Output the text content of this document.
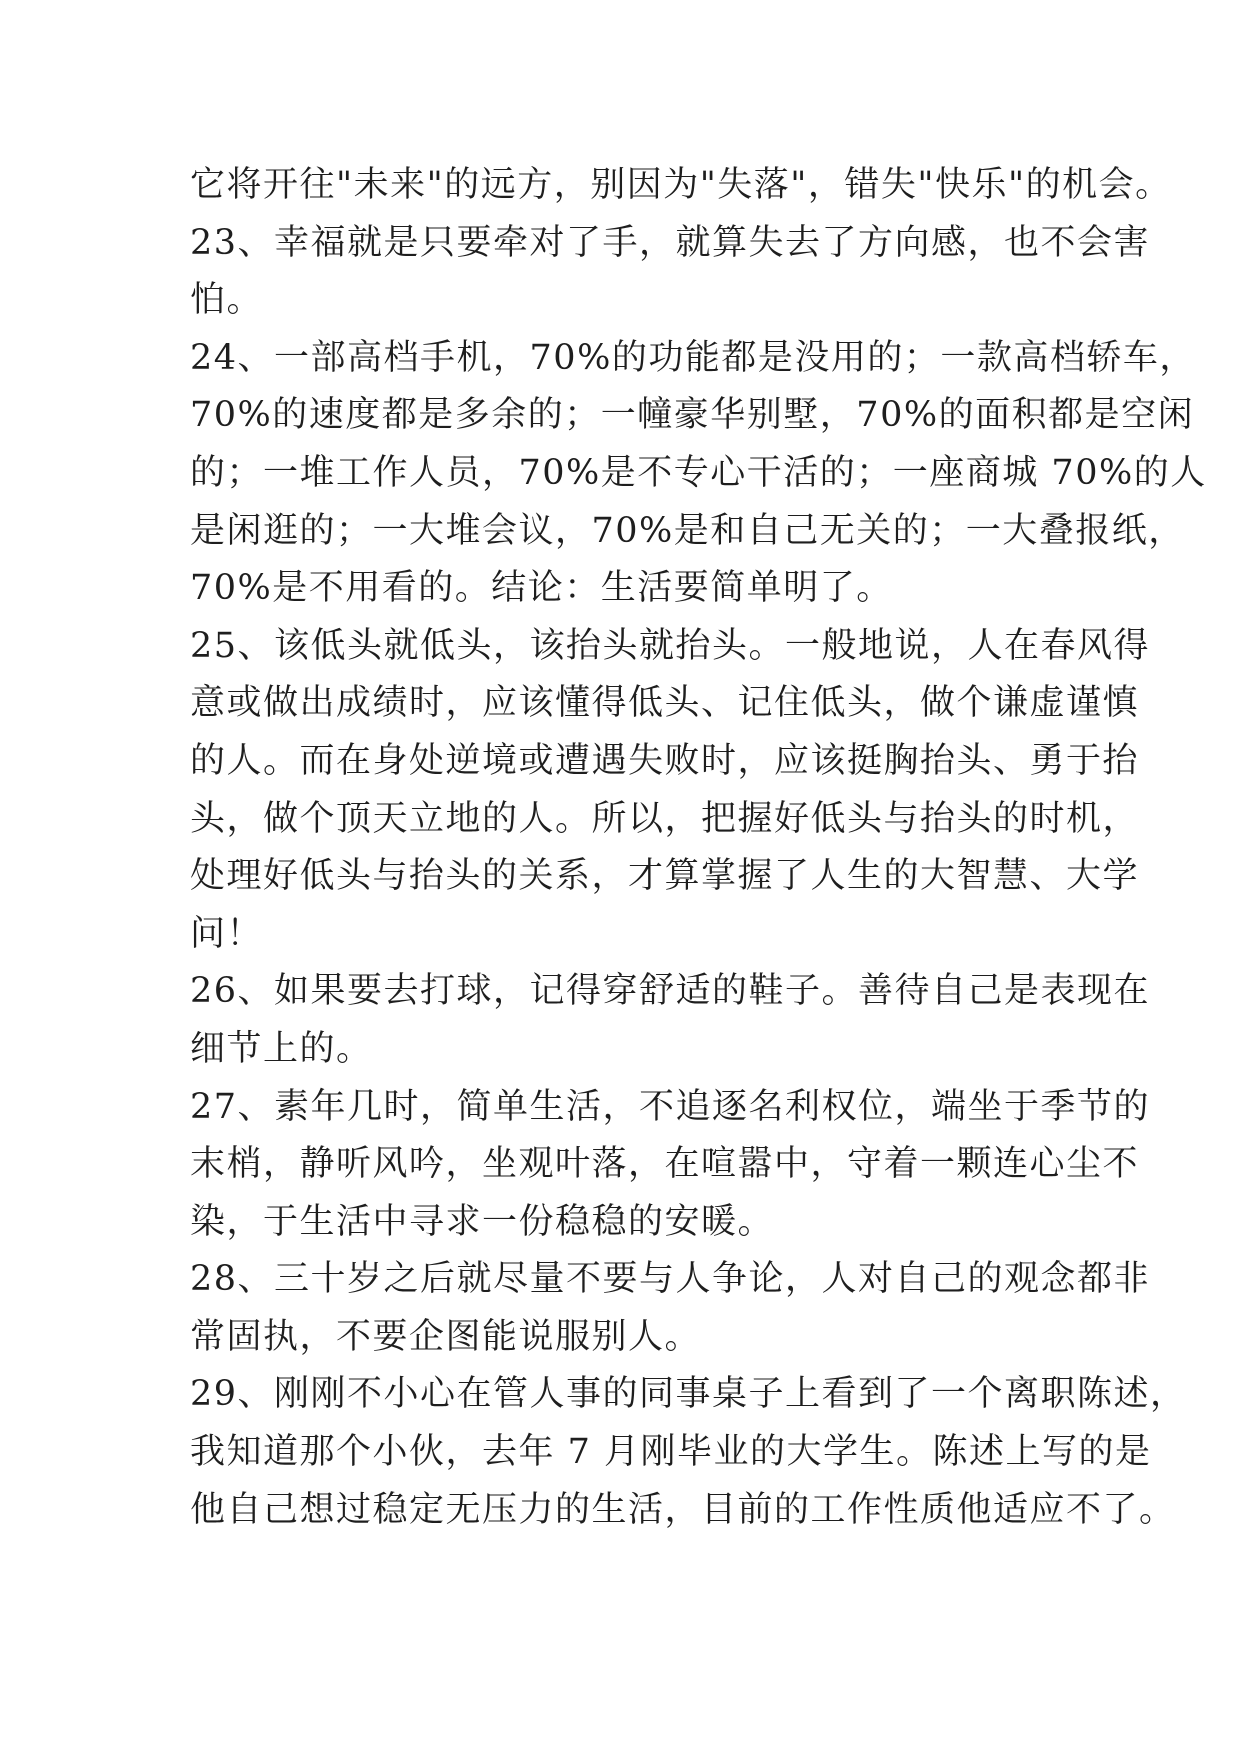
它将开往"未来"的远方，别因为"失落"，错失"快乐"的机会。
23、幸福就是只要牵对了手，就算失去了方向感，也不会害
怕。
24、一部高档手机，70%的功能都是没用的；一款高档轿车，
70%的速度都是多余的；一幢豪华别墅，70%的面积都是空闲
的；一堆工作人员，70%是不专心干活的；一座商城 70%的人
是闲逛的；一大堆会议，70%是和自己无关的；一大叠报纸，
70%是不用看的。结论：生活要简单明了。
25、该低头就低头，该抬头就抬头。一般地说，人在春风得
意或做出成绩时，应该懂得低头、记住低头，做个谦虚谨慎
的人。而在身处逆境或遭遇失败时，应该挺胸抬头、勇于抬
头，做个顶天立地的人。所以，把握好低头与抬头的时机，
处理好低头与抬头的关系，才算掌握了人生的大智慧、大学
问！
26、如果要去打球，记得穿舒适的鞋子。善待自己是表现在
细节上的。
27、素年几时，简单生活，不追逐名利权位，端坐于季节的
末梢，静听风吟，坐观叶落，在喧嚣中，守着一颗连心尘不
染，于生活中寻求一份稳稳的安暖。
28、三十岁之后就尽量不要与人争论，人对自己的观念都非
常固执，不要企图能说服别人。
29、刚刚不小心在管人事的同事桌子上看到了一个离职陈述，
我知道那个小伙，去年 7 月刚毕业的大学生。陈述上写的是
他自己想过稳定无压力的生活，目前的工作性质他适应不了。
